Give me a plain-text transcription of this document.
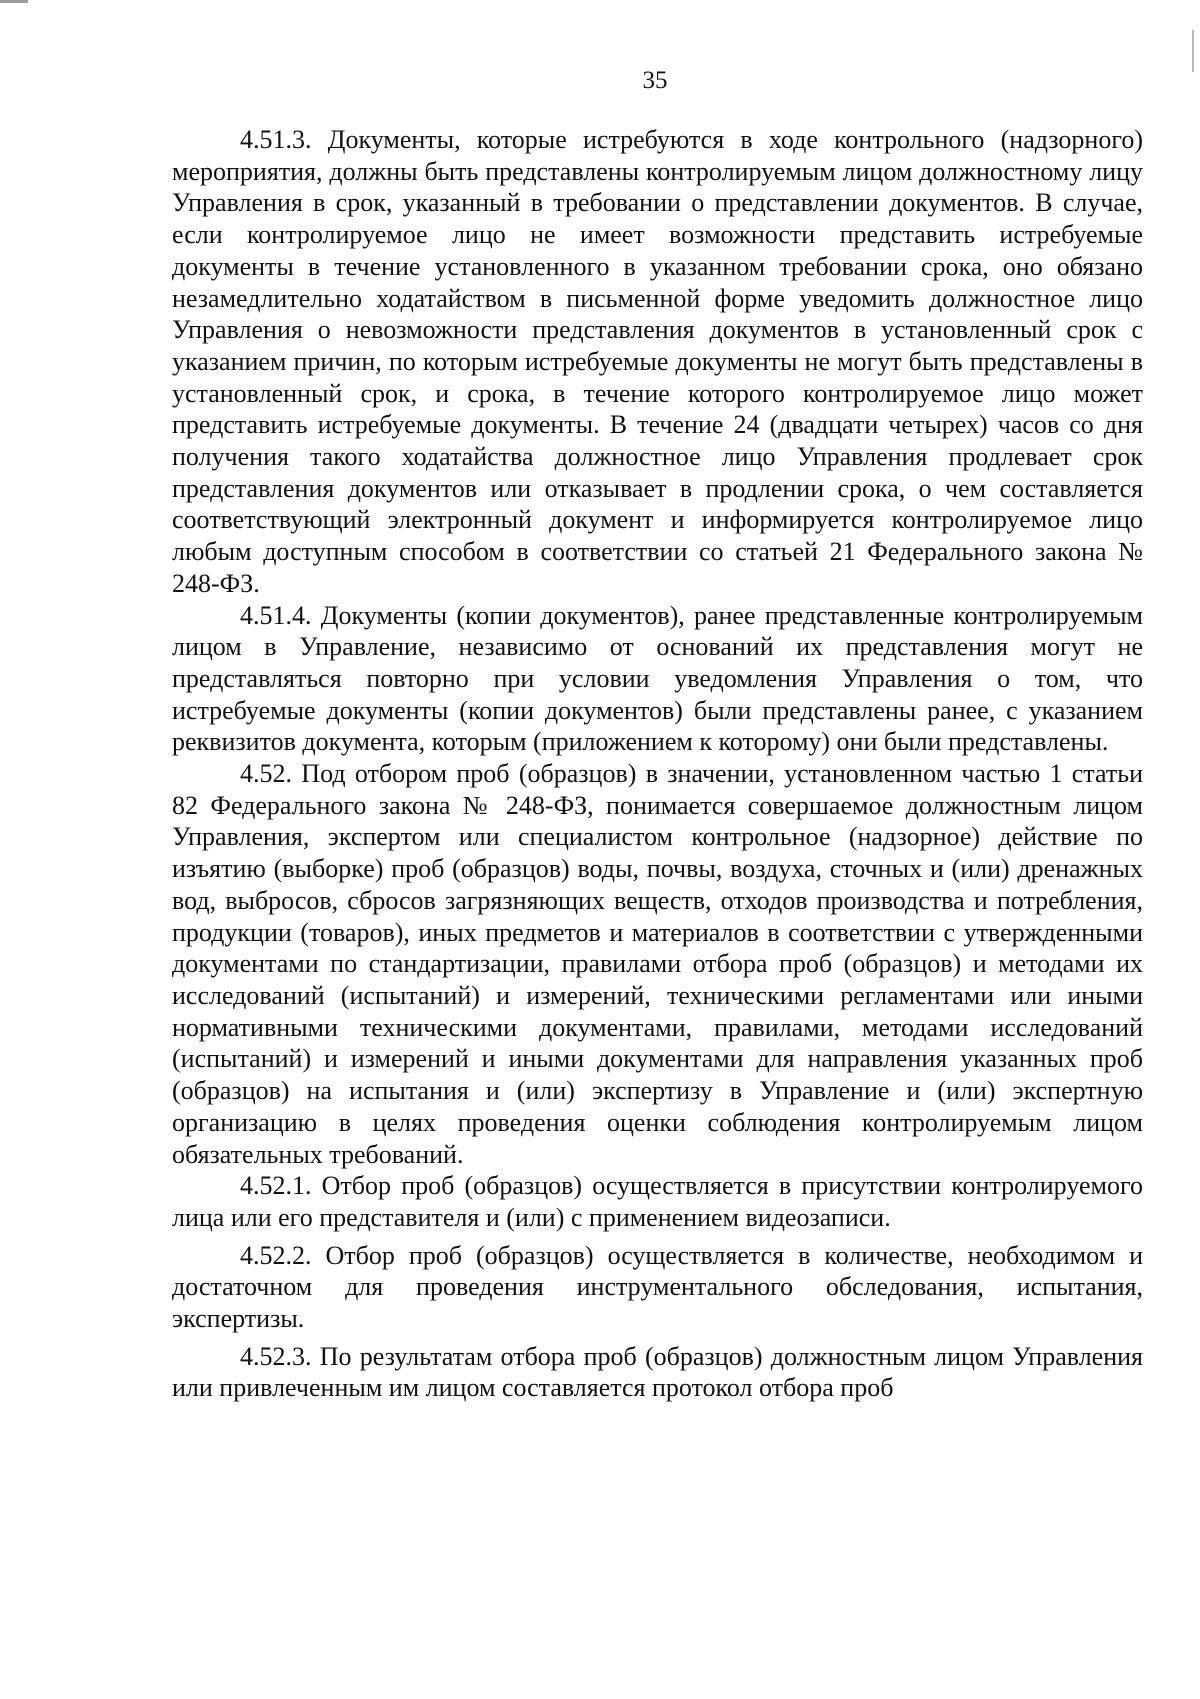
35

4.51.3. Документы, которые истребуются в ходе контрольного (надзорного) мероприятия, должны быть представлены контролируемым лицом должностному лицу Управления в срок, указанный в требовании о представлении документов. В случае, если контролируемое лицо не имеет возможности представить истребуемые документы в течение установленного в указанном требовании срока, оно обязано незамедлительно ходатайством в письменной форме уведомить должностное лицо Управления о невозможности представления документов в установленный срок с указанием причин, по которым истребуемые документы не могут быть представлены в установленный срок, и срока, в течение которого контролируемое лицо может представить истребуемые документы. В течение 24 (двадцати четырех) часов со дня получения такого ходатайства должностное лицо Управления продлевает срок представления документов или отказывает в продлении срока, о чем составляется соответствующий электронный документ и информируется контролируемое лицо любым доступным способом в соответствии со статьей 21 Федерального закона № 248-ФЗ.

4.51.4. Документы (копии документов), ранее представленные контролируемым лицом в Управление, независимо от оснований их представления могут не представляться повторно при условии уведомления Управления о том, что истребуемые документы (копии документов) были представлены ранее, с указанием реквизитов документа, которым (приложением к которому) они были представлены.

4.52. Под отбором проб (образцов) в значении, установленном частью 1 статьи 82 Федерального закона № 248-ФЗ, понимается совершаемое должностным лицом Управления, экспертом или специалистом контрольное (надзорное) действие по изъятию (выборке) проб (образцов) воды, почвы, воздуха, сточных и (или) дренажных вод, выбросов, сбросов загрязняющих веществ, отходов производства и потребления, продукции (товаров), иных предметов и материалов в соответствии с утвержденными документами по стандартизации, правилами отбора проб (образцов) и методами их исследований (испытаний) и измерений, техническими регламентами или иными нормативными техническими документами, правилами, методами исследований (испытаний) и измерений и иными документами для направления указанных проб (образцов) на испытания и (или) экспертизу в Управление и (или) экспертную организацию в целях проведения оценки соблюдения контролируемым лицом обязательных требований.

4.52.1. Отбор проб (образцов) осуществляется в присутствии контролируемого лица или его представителя и (или) с применением видеозаписи.

4.52.2. Отбор проб (образцов) осуществляется в количестве, необходимом и достаточном для проведения инструментального обследования, испытания, экспертизы.

4.52.3. По результатам отбора проб (образцов) должностным лицом Управления или привлеченным им лицом составляется протокол отбора проб
